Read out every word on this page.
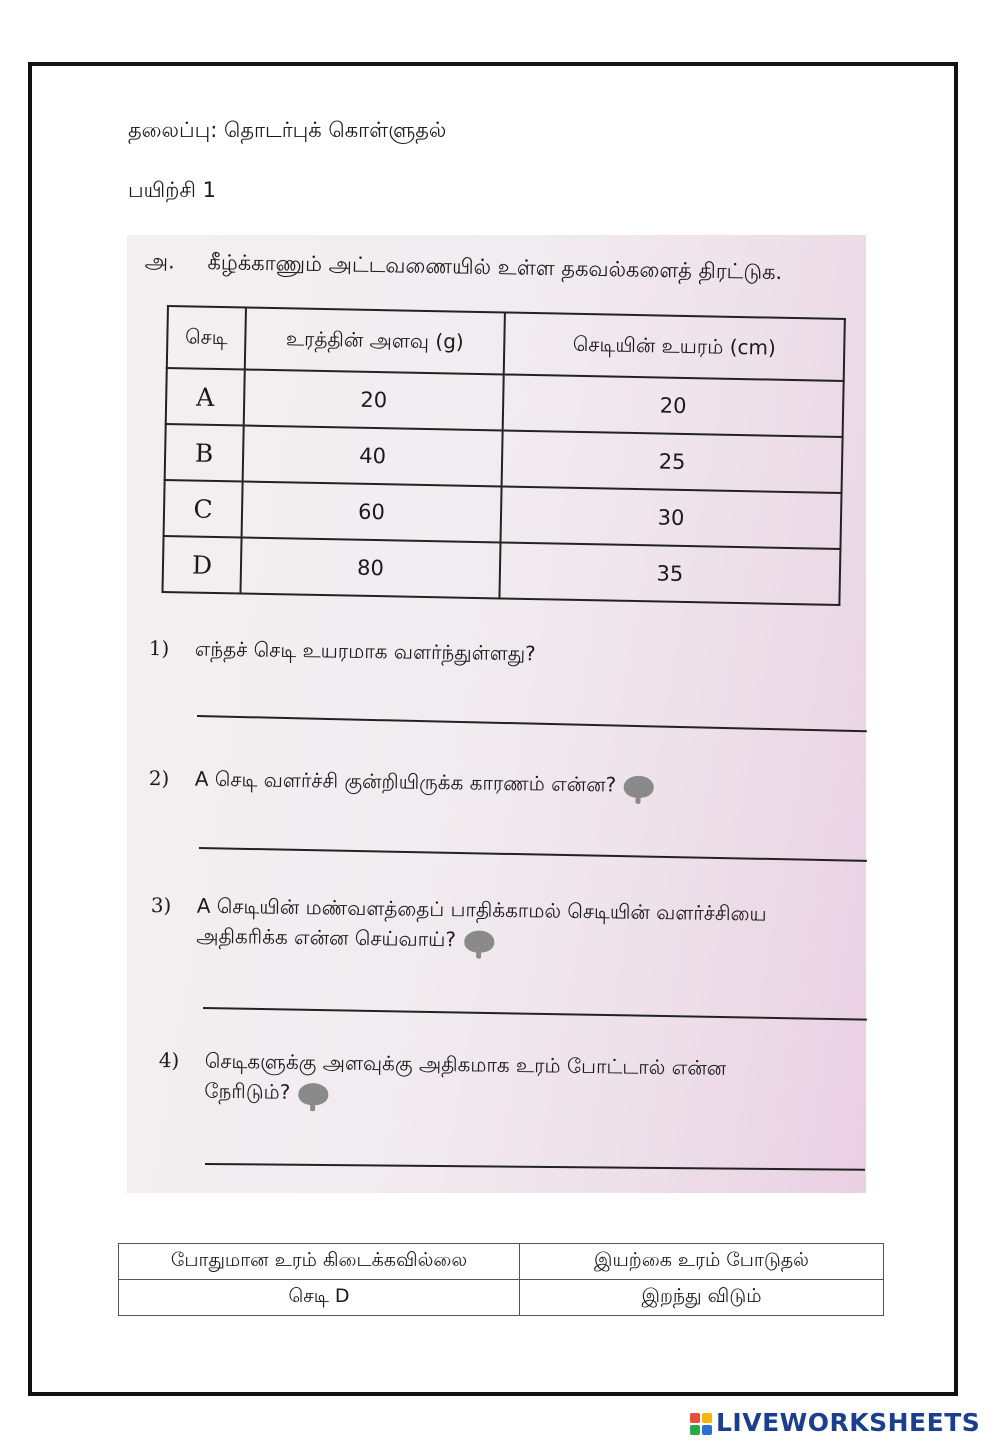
தலைப்பு: தொடர்புக் கொள்ளுதல்
பயிற்சி 1
அ. கீழ்க்காணும் அட்டவணையில் உள்ள தகவல்களைத் திரட்டுக.
செடி	உரத்தின் அளவு (g)	செடியின் உயரம் (cm)
A	20	20
B	40	25
C	60	30
D	80	35
1) எந்தச் செடி உயரமாக வளர்ந்துள்ளது?
2) A செடி வளர்ச்சி குன்றியிருக்க காரணம் என்ன?
3) A செடியின் மண்வளத்தைப் பாதிக்காமல் செடியின் வளர்ச்சியை
அதிகரிக்க என்ன செய்வாய்?
4) செடிகளுக்கு அளவுக்கு அதிகமாக உரம் போட்டால் என்ன
நேரிடும்?
போதுமான உரம் கிடைக்கவில்லை	இயற்கை உரம் போடுதல்
செடி D	இறந்து விடும்
LIVEWORKSHEETS
